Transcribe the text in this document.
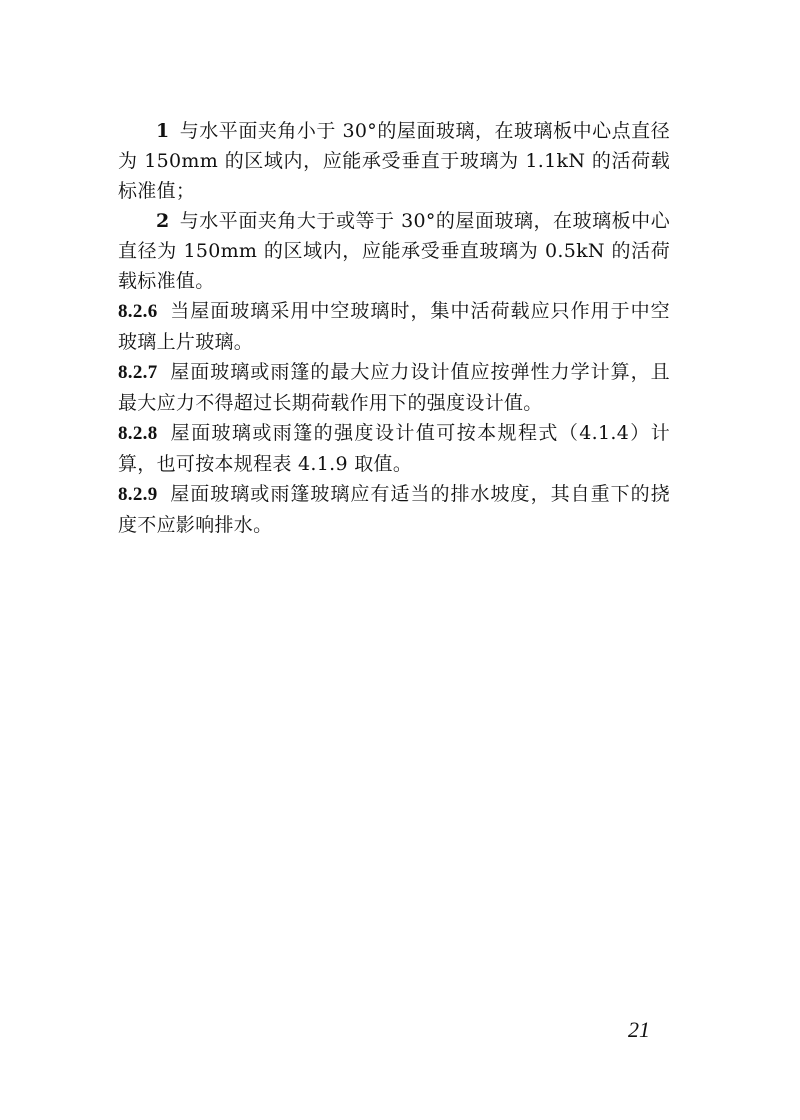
1 与水平面夹角小于 30°的屋面玻璃，在玻璃板中心点直径为 150mm 的区域内，应能承受垂直于玻璃为 1.1kN 的活荷载标准值；

2 与水平面夹角大于或等于 30°的屋面玻璃，在玻璃板中心直径为 150mm 的区域内，应能承受垂直玻璃为 0.5kN 的活荷载标准值。

8.2.6 当屋面玻璃采用中空玻璃时，集中活荷载应只作用于中空玻璃上片玻璃。

8.2.7 屋面玻璃或雨篷的最大应力设计值应按弹性力学计算，且最大应力不得超过长期荷载作用下的强度设计值。

8.2.8 屋面玻璃或雨篷的强度设计值可按本规程式（4.1.4）计算，也可按本规程表 4.1.9 取值。

8.2.9 屋面玻璃或雨篷玻璃应有适当的排水坡度，其自重下的挠度不应影响排水。

21
